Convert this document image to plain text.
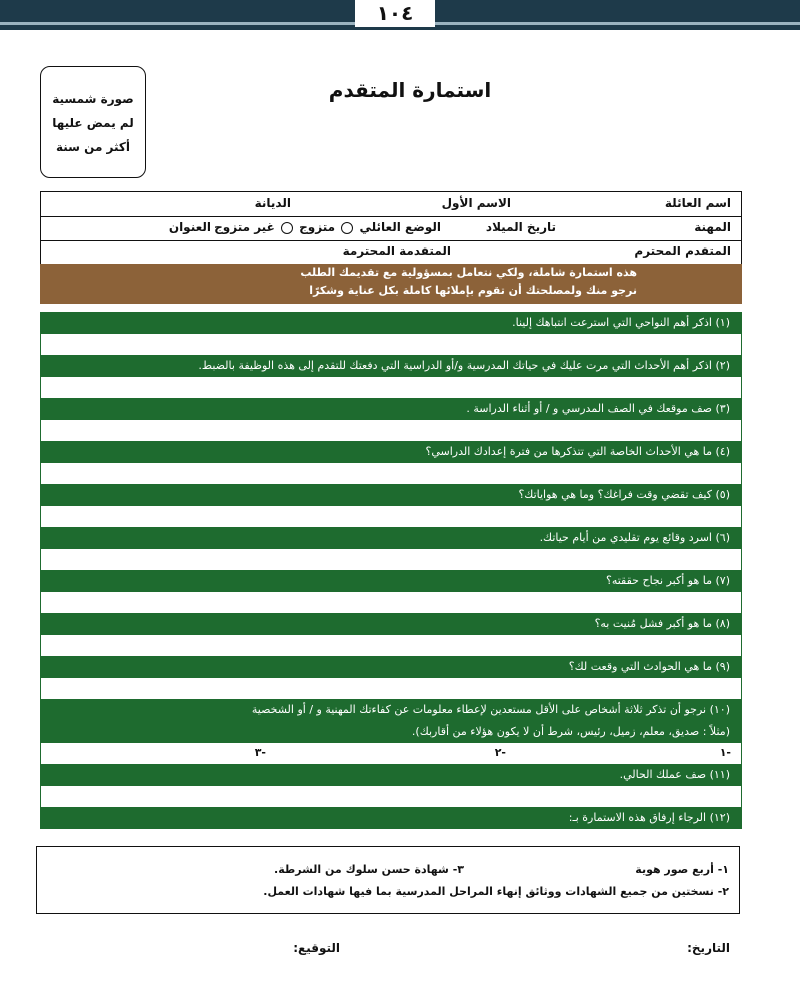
١٠٤
صورة شمسية
لم يمض عليها
أكثر من سنة
استمارة المتقدم
اسم العائلة
الاسم الأول
الديانة
المهنة
تاريخ الميلاد
الوضع العائلي  متزوج  غير متزوج
العنوان
المتقدم المحترم
المتقدمة المحترمة
هذه استمارة شاملة، ولكي نتعامل بمسؤولية مع تقديمك الطلب
نرجو منك ولمصلحتك أن تقوم بإملائها كاملة بكل عناية وشكرًا
(١) اذكر أهم النواحي التي استرعت انتباهك إلينا.
(٢) اذكر أهم الأحداث التي مرت عليك في حياتك المدرسية و/أو الدراسية التي دفعتك للتقدم إلى هذه الوظيفة بالضبط.
(٣) صف موقعك في الصف المدرسي و / أو أثناء الدراسة .
(٤) ما هي الأحداث الخاصة التي تتذكرها من فترة إعدادك الدراسي؟
(٥) كيف تقضي وقت فراغك؟ وما هي هواياتك؟
(٦) اسرد وقائع يوم تقليدي من أيام حياتك.
(٧) ما هو أكبر نجاح حققته؟
(٨) ما هو أكبر فشل مُنيت به؟
(٩) ما هي الحوادث التي وقعت لك؟
(١٠) نرجو أن تذكر ثلاثة أشخاص على الأقل مستعدين لإعطاء معلومات عن كفاءتك المهنية و / أو الشخصية
(مثلاً : صديق، معلم، زميل، رئيس، شرط أن لا يكون هؤلاء من أقاربك).
-١
-٢
-٣
(١١) صف عملك الحالي.
(١٢) الرجاء إرفاق هذه الاستمارة بـ:
١- أربع صور هوية
٣- شهادة حسن سلوك من الشرطة.
٢- نسختين من جميع الشهادات ووثائق إنهاء المراحل المدرسية بما فيها شهادات العمل.
التاريخ:
التوقيع:
